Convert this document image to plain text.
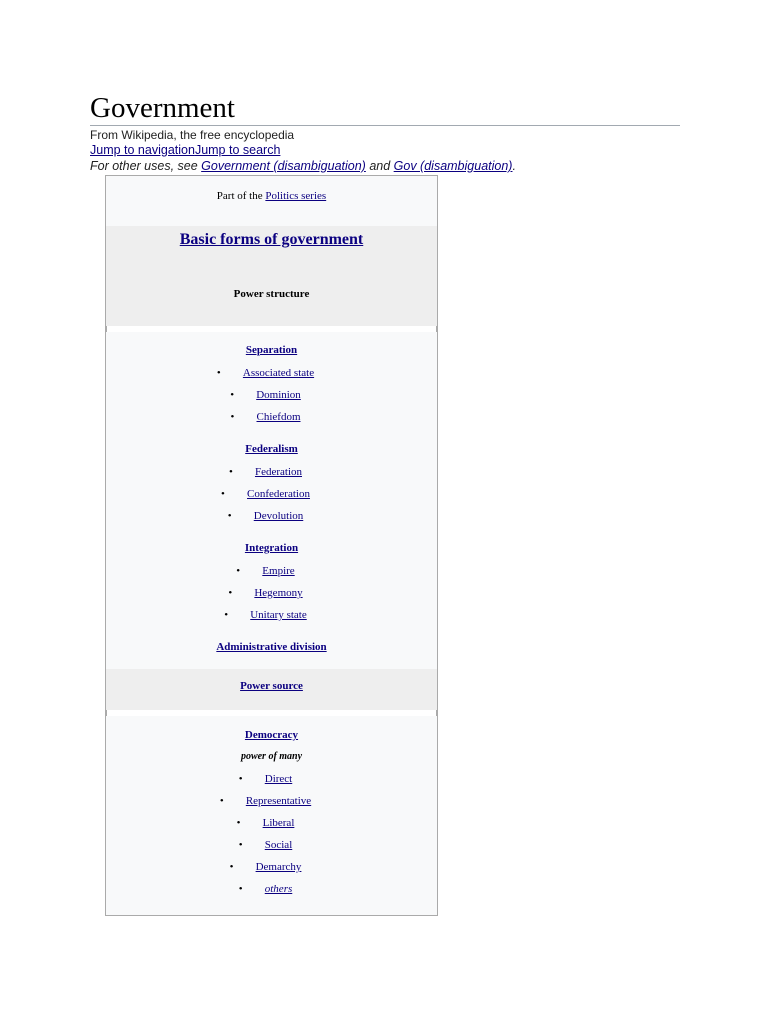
Government
From Wikipedia, the free encyclopedia
Jump to navigationJump to search
For other uses, see Government (disambiguation) and Gov (disambiguation).
Part of the Politics series
Basic forms of government
Power structure
Separation
•Associated state
•Dominion
•Chiefdom
Federalism
•Federation
•Confederation
•Devolution
Integration
•Empire
•Hegemony
•Unitary state
Administrative division
Power source
Democracy
power of many
•Direct
•Representative
•Liberal
•Social
•Demarchy
•others
